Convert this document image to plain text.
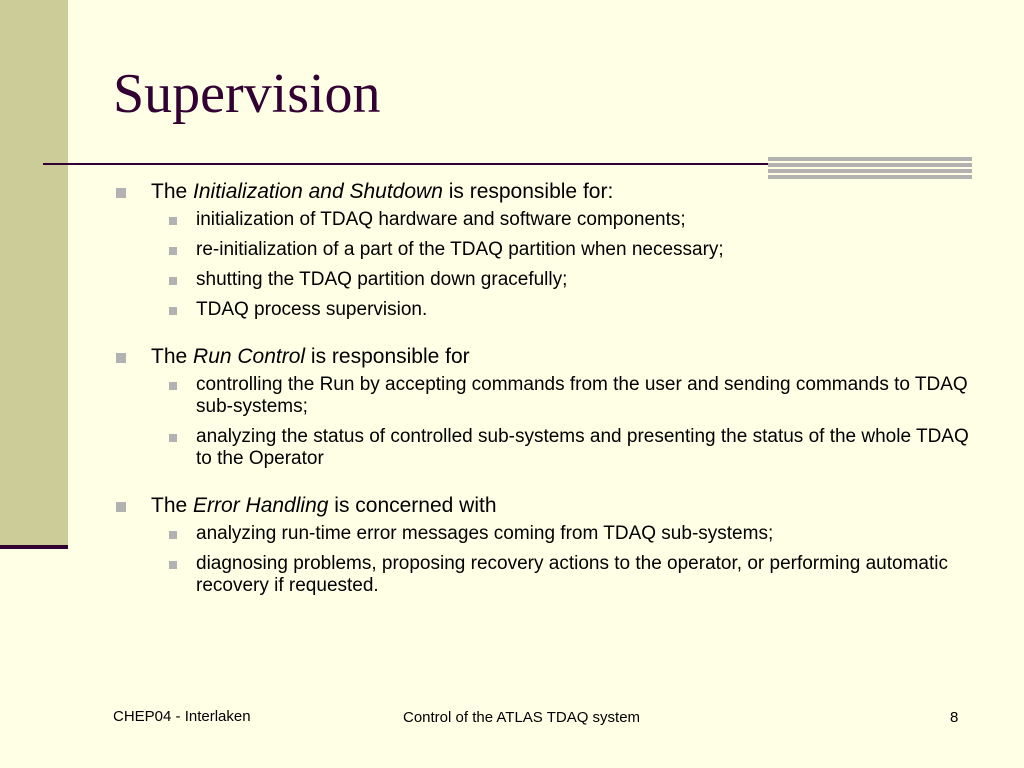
Supervision
The Initialization and Shutdown is responsible for:
initialization of TDAQ hardware and software components;
re-initialization of a part of the TDAQ partition when necessary;
shutting the TDAQ partition down gracefully;
TDAQ process supervision.
The Run Control is responsible for
controlling the Run by accepting commands from the user and sending commands to TDAQ sub-systems;
analyzing the status of controlled sub-systems and presenting the status of the whole TDAQ to the Operator
The Error Handling is concerned with
analyzing run-time error messages coming from TDAQ sub-systems;
diagnosing problems, proposing recovery actions to the operator, or performing automatic recovery if requested.
CHEP04 - Interlaken	Control of the ATLAS TDAQ system	8
